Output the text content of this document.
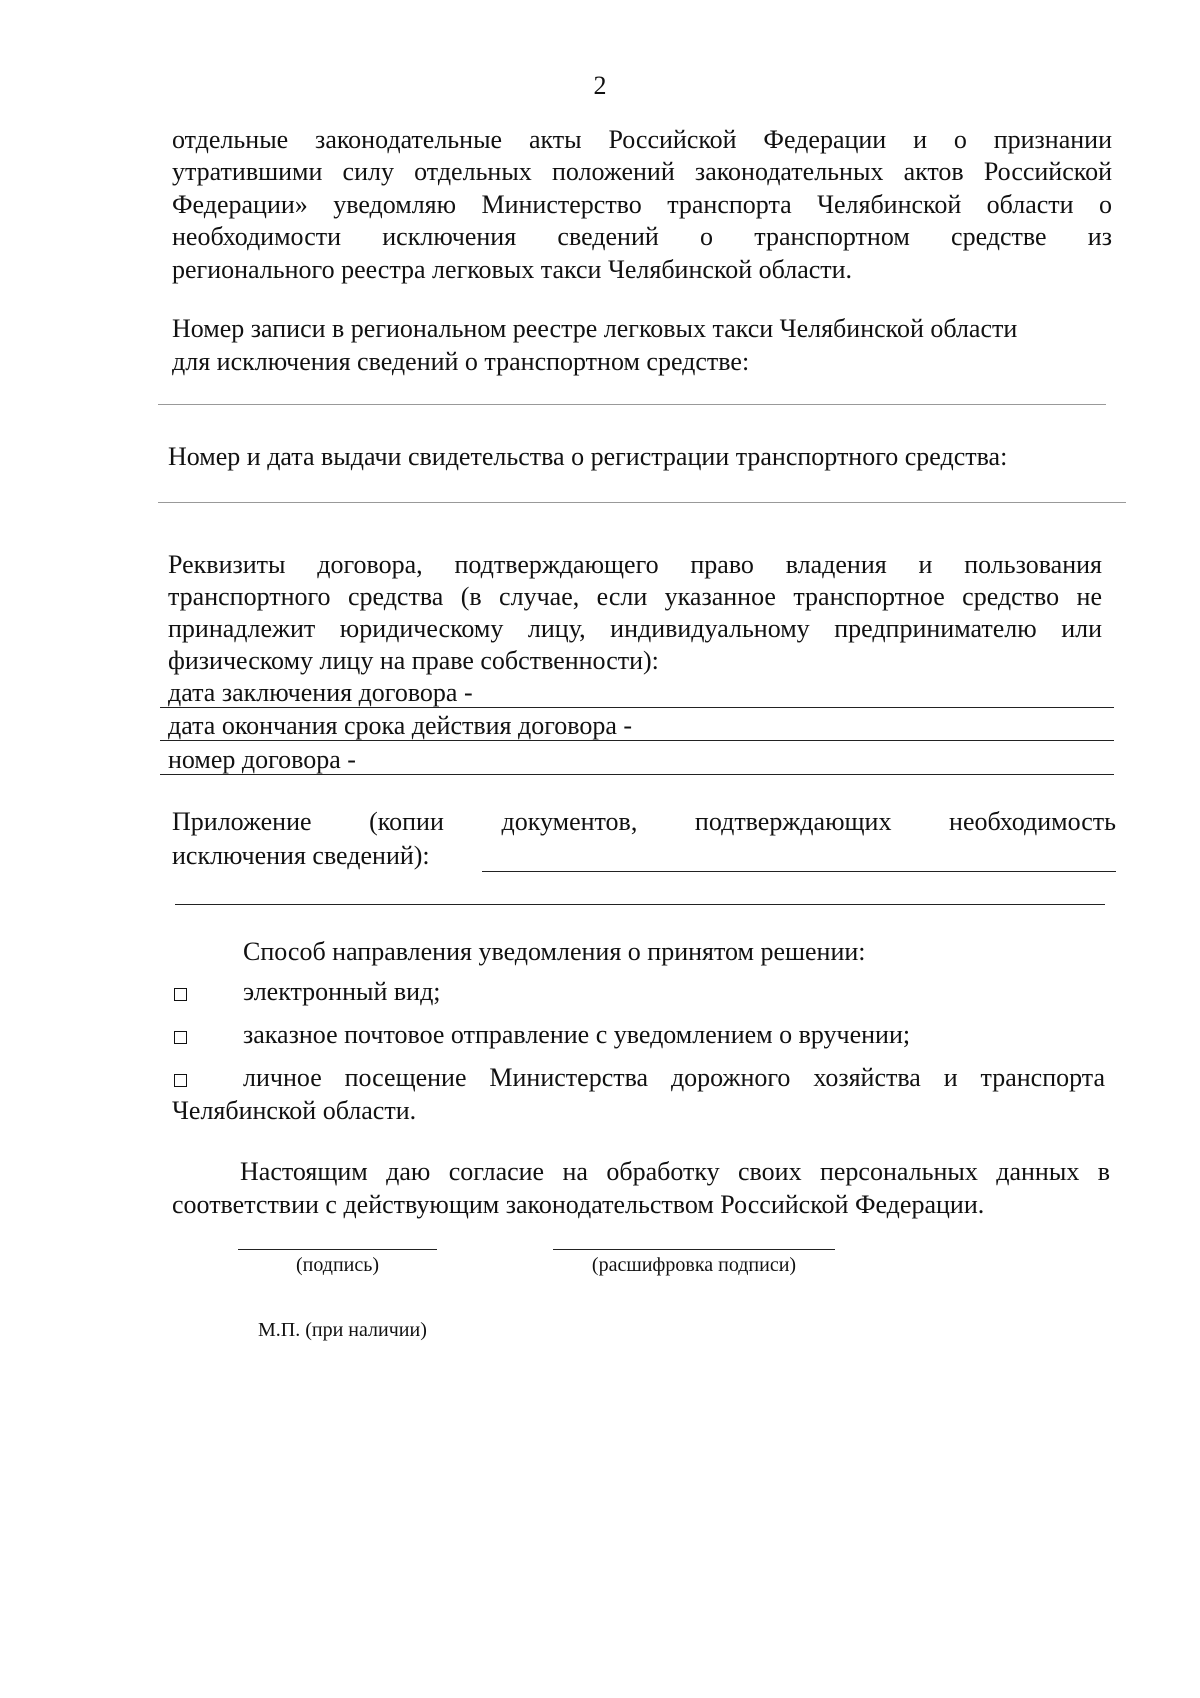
2
отдельные законодательные акты Российской Федерации и о признании
утратившими силу отдельных положений законодательных актов Российской
Федерации» уведомляю Министерство транспорта Челябинской области о
необходимости исключения сведений о транспортном средстве из
регионального реестра легковых такси Челябинской области.
Номер записи в региональном реестре легковых такси Челябинской области
для исключения сведений о транспортном средстве:
Номер и дата выдачи свидетельства о регистрации транспортного средства:
Реквизиты договора, подтверждающего право владения и пользования
транспортного средства (в случае, если указанное транспортное средство не
принадлежит юридическому лицу, индивидуальному предпринимателю или
физическому лицу на праве собственности):
дата заключения договора -
дата окончания срока действия договора -
номер договора -
Приложение (копии документов, подтверждающих необходимость
исключения сведений):
Способ направления уведомления о принятом решении:
электронный вид;
заказное почтовое отправление с уведомлением о вручении;
личное посещение Министерства дорожного хозяйства и транспорта
Челябинской области.
Настоящим даю согласие на обработку своих персональных данных в
соответствии с действующим законодательством Российской Федерации.
(подпись)	(расшифровка подписи)
М.П. (при наличии)
